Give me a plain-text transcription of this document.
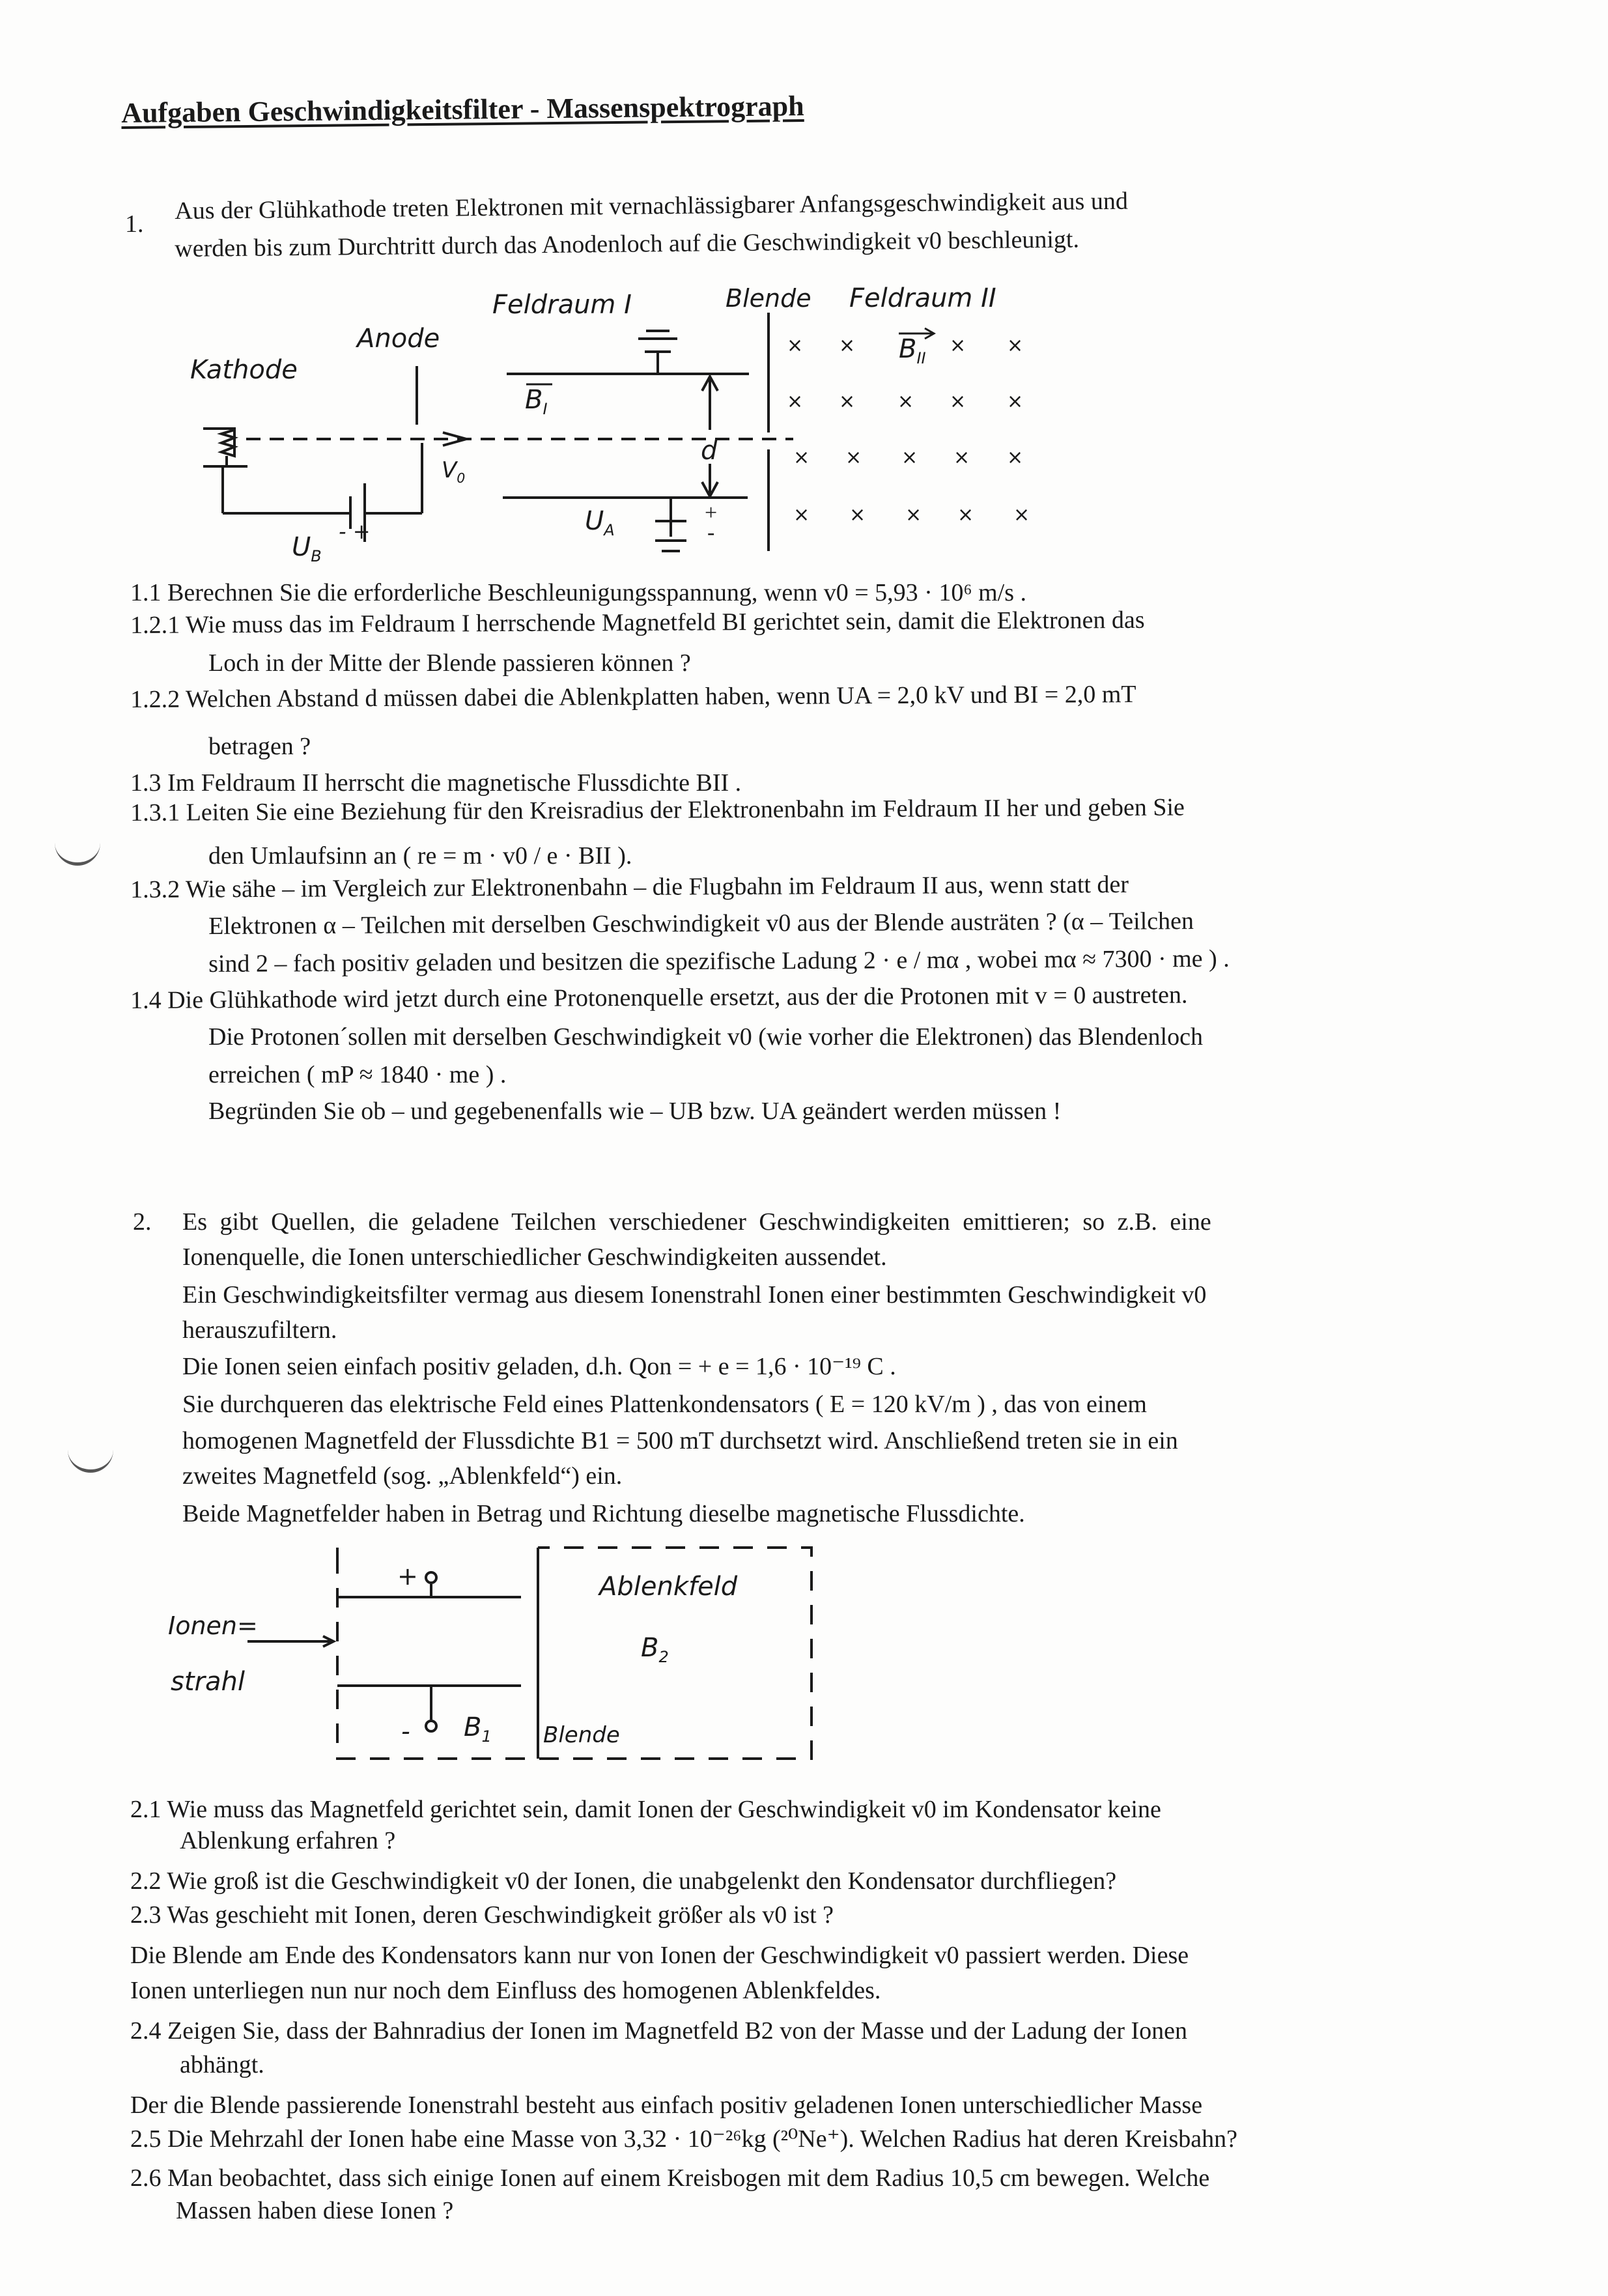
Aufgaben Geschwindigkeitsfilter - Massenspektrograph
1. Aus der Glühkathode treten Elektronen mit vernachlässigbarer Anfangsgeschwindigkeit aus und
werden bis zum Durchtritt durch das Anodenloch auf die Geschwindigkeit v0 beschleunigt.
× ×	× ×
× × × × ×
× × × × ×
× × × × ×
Kathode
Anode
Feldraum I	Blende Feldraum II
$B_I$
$B_{II}$
d
$V_0$
$U_B$
- +	$U_A$
+
-
1.1 Berechnen Sie die erforderliche Beschleunigungsspannung, wenn v0 = 5,93 · 10⁶ m/s .
1.2.1 Wie muss das im Feldraum I herrschende Magnetfeld BI gerichtet sein, damit die Elektronen das
Loch in der Mitte der Blende passieren können ?
1.2.2 Welchen Abstand d müssen dabei die Ablenkplatten haben, wenn UA = 2,0 kV und BI = 2,0 mT
betragen ?
1.3 Im Feldraum II herrscht die magnetische Flussdichte BII .
1.3.1 Leiten Sie eine Beziehung für den Kreisradius der Elektronenbahn im Feldraum II her und geben Sie
den Umlaufsinn an ( re = m · v0 / e · BII ).
1.3.2 Wie sähe – im Vergleich zur Elektronenbahn – die Flugbahn im Feldraum II aus, wenn statt der
Elektronen α – Teilchen mit derselben Geschwindigkeit v0 aus der Blende austräten ? (α – Teilchen
sind 2 – fach positiv geladen und besitzen die spezifische Ladung 2 · e / mα , wobei mα ≈ 7300 · me ) .
1.4 Die Glühkathode wird jetzt durch eine Protonenquelle ersetzt, aus der die Protonen mit v = 0 austreten.
Die Protonen´sollen mit derselben Geschwindigkeit v0 (wie vorher die Elektronen) das Blendenloch
erreichen ( mP ≈ 1840 · me ) .
Begründen Sie ob – und gegebenenfalls wie – UB bzw. UA geändert werden müssen !
2. Es gibt Quellen, die geladene Teilchen verschiedener Geschwindigkeiten emittieren; so z.B. eine
Ionenquelle, die Ionen unterschiedlicher Geschwindigkeiten aussendet.
Ein Geschwindigkeitsfilter vermag aus diesem Ionenstrahl Ionen einer bestimmten Geschwindigkeit v0
herauszufiltern.
Die Ionen seien einfach positiv geladen, d.h. Qon = + e = 1,6 · 10⁻¹⁹ C .
Sie durchqueren das elektrische Feld eines Plattenkondensators ( E = 120 kV/m ) , das von einem
homogenen Magnetfeld der Flussdichte B1 = 500 mT durchsetzt wird. Anschließend treten sie in ein
zweites Magnetfeld (sog. „Ablenkfeld“) ein.
Beide Magnetfelder haben in Betrag und Richtung dieselbe magnetische Flussdichte.
Ionen=
strahl
+
- $B_1$
Ablenkfeld
$B_2$
Blende
2.1 Wie muss das Magnetfeld gerichtet sein, damit Ionen der Geschwindigkeit v0 im Kondensator keine
Ablenkung erfahren ?
2.2 Wie groß ist die Geschwindigkeit v0 der Ionen, die unabgelenkt den Kondensator durchfliegen?
2.3 Was geschieht mit Ionen, deren Geschwindigkeit größer als v0 ist ?
Die Blende am Ende des Kondensators kann nur von Ionen der Geschwindigkeit v0 passiert werden. Diese
Ionen unterliegen nun nur noch dem Einfluss des homogenen Ablenkfeldes.
2.4 Zeigen Sie, dass der Bahnradius der Ionen im Magnetfeld B2 von der Masse und der Ladung der Ionen
abhängt.
Der die Blende passierende Ionenstrahl besteht aus einfach positiv geladenen Ionen unterschiedlicher Masse
2.5 Die Mehrzahl der Ionen habe eine Masse von 3,32 · 10⁻²⁶kg (²⁰Ne⁺). Welchen Radius hat deren Kreisbahn?
2.6 Man beobachtet, dass sich einige Ionen auf einem Kreisbogen mit dem Radius 10,5 cm bewegen. Welche
Massen haben diese Ionen ?
